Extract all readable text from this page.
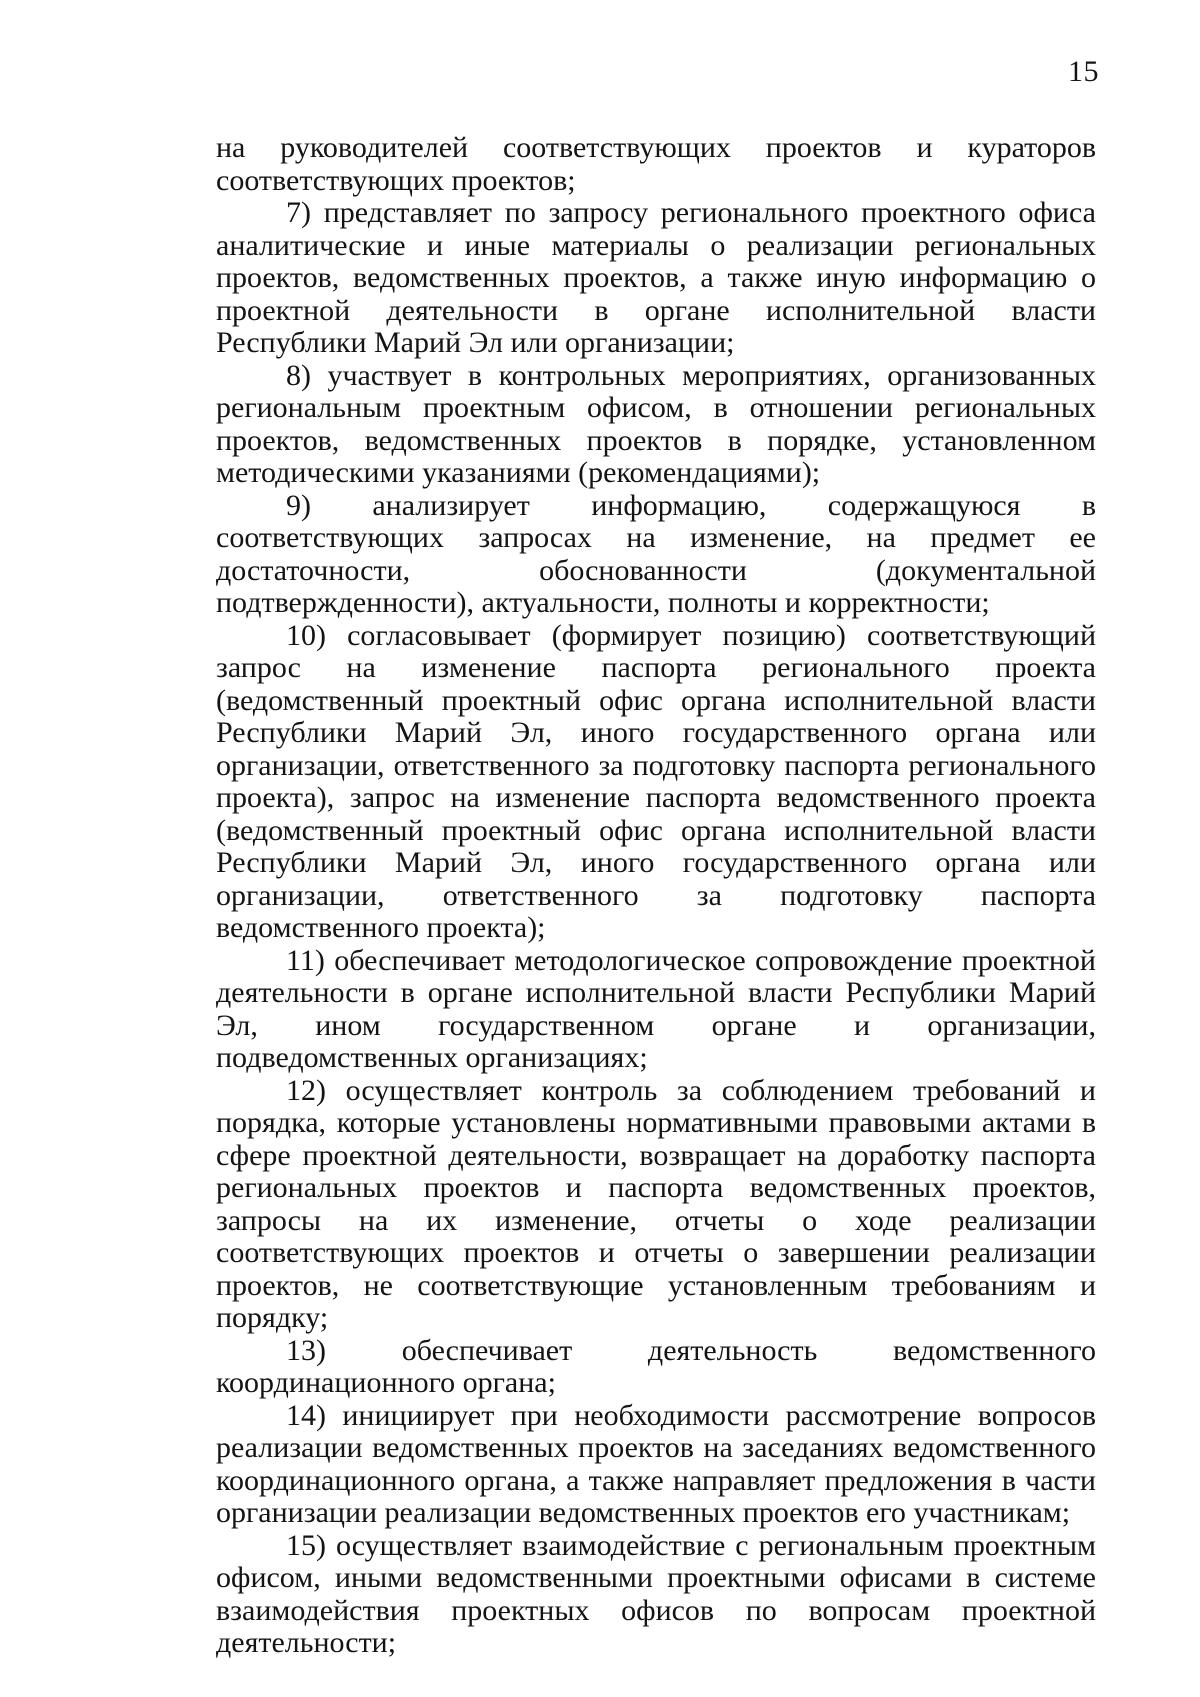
15

на руководителей соответствующих проектов и кураторов соответствующих проектов;

7) представляет по запросу регионального проектного офиса аналитические и иные материалы о реализации региональных проектов, ведомственных проектов, а также иную информацию о проектной деятельности в органе исполнительной власти Республики Марий Эл или организации;

8) участвует в контрольных мероприятиях, организованных региональным проектным офисом, в отношении региональных проектов, ведомственных проектов в порядке, установленном методическими указаниями (рекомендациями);

9) анализирует информацию, содержащуюся в соответствующих запросах на изменение, на предмет ее достаточности, обоснованности (документальной подтвержденности), актуальности, полноты и корректности;

10) согласовывает (формирует позицию) соответствующий запрос на изменение паспорта регионального проекта (ведомственный проектный офис органа исполнительной власти Республики Марий Эл, иного государственного органа или организации, ответственного за подготовку паспорта регионального проекта), запрос на изменение паспорта ведомственного проекта (ведомственный проектный офис органа исполнительной власти Республики Марий Эл, иного государственного органа или организации, ответственного за подготовку паспорта ведомственного проекта);

11) обеспечивает методологическое сопровождение проектной деятельности в органе исполнительной власти Республики Марий Эл, ином государственном органе и организации, подведомственных организациях;

12) осуществляет контроль за соблюдением требований и порядка, которые установлены нормативными правовыми актами в сфере проектной деятельности, возвращает на доработку паспорта региональных проектов и паспорта ведомственных проектов, запросы на их изменение, отчеты о ходе реализации соответствующих проектов и отчеты о завершении реализации проектов, не соответствующие установленным требованиям и порядку;

13) обеспечивает деятельность ведомственного координационного органа;

14) инициирует при необходимости рассмотрение вопросов реализации ведомственных проектов на заседаниях ведомственного координационного органа, а также направляет предложения в части организации реализации ведомственных проектов его участникам;

15) осуществляет взаимодействие с региональным проектным офисом, иными ведомственными проектными офисами в системе взаимодействия проектных офисов по вопросам проектной деятельности;
